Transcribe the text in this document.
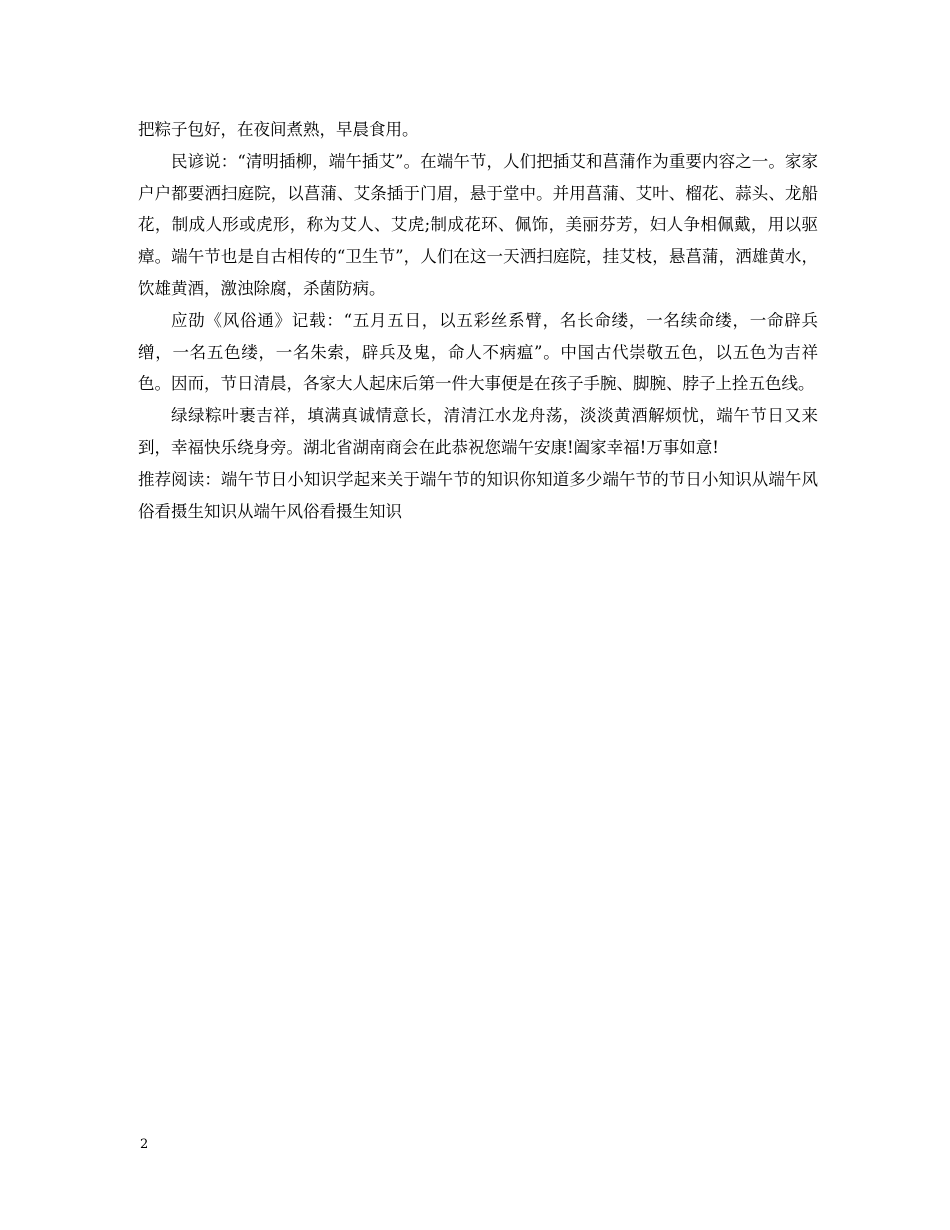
把粽子包好，在夜间煮熟，早晨食用。

民谚说：“清明插柳，端午插艾”。在端午节，人们把插艾和菖蒲作为重要内容之一。家家户户都要洒扫庭院，以菖蒲、艾条插于门眉，悬于堂中。并用菖蒲、艾叶、榴花、蒜头、龙船花，制成人形或虎形，称为艾人、艾虎;制成花环、佩饰，美丽芬芳，妇人争相佩戴，用以驱瘴。端午节也是自古相传的“卫生节”，人们在这一天洒扫庭院，挂艾枝，悬菖蒲，洒雄黄水，饮雄黄酒，激浊除腐，杀菌防病。

应劭《风俗通》记载：“五月五日，以五彩丝系臂，名长命缕，一名续命缕，一命辟兵缯，一名五色缕，一名朱索，辟兵及鬼，命人不病瘟”。中国古代崇敬五色，以五色为吉祥色。因而，节日清晨，各家大人起床后第一件大事便是在孩子手腕、脚腕、脖子上拴五色线。

绿绿粽叶裹吉祥，填满真诚情意长，清清江水龙舟荡，淡淡黄酒解烦忧，端午节日又来到，幸福快乐绕身旁。湖北省湖南商会在此恭祝您端午安康!阖家幸福!万事如意!

推荐阅读：端午节日小知识学起来关于端午节的知识你知道多少端午节的节日小知识从端午风俗看摄生知识从端午风俗看摄生知识

2
